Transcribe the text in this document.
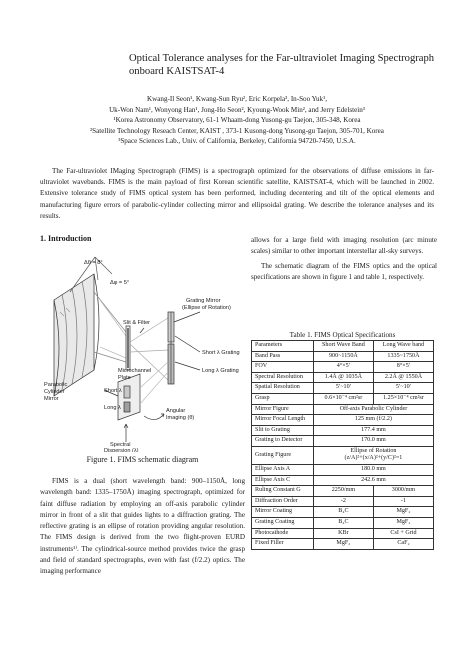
Optical Tolerance analyses for the Far-ultraviolet Imaging Spectrograph onboard KAISTSAT-4
Kwang-Il Seon¹, Kwang-Sun Ryu², Eric Korpela³, In-Soo Yuk¹,
Uk-Won Nam¹, Wonyong Han¹, Jong-Ho Seon², Kyoung-Wook Min², and Jerry Edelstein³
¹Korea Astronomy Observatory, 61-1 Whaam-dong Yusong-gu Taejon, 305-348, Korea
²Satellite Technology Reseach Center, KAIST , 373-1 Kusong-dong Yusong-gu Taejon, 305-701, Korea
³Space Sciences Lab., Univ. of California, Berkeley, California 94720-7450, U.S.A.

The Far-ultraviolet IMaging Spectrograph (FIMS) is a spectrograph optimized for the observations of diffuse emissions in far-ultraviolet wavebands. FIMS is the main payload of first Korean scientific satellite, KAISTSAT-4, which will be launched in 2002. Extensive tolerance study of FIMS optical system has been performed, including decentering and tilt of the optical elements and manufacturing figure errors of parabolic-cylinder collecting mirror and ellipsoidal grating. We describe the tolerance analyses and its results.

1. Introduction
Δθ = 8°
Δφ = 5°
Slit & Filter
Grating Mirror
(Ellipse of Rotation)
Short λ Grating
Long λ Grating
Parabolic
Cylinder
Mirror
Microchannel
Plate
Short λ
Long λ	Angular
Imaging (θ)
Spectral
Dispersion (λ)
Figure 1. FIMS schematic diagram

FIMS is a dual (short wavelength band: 900–1150Å, long wavelength band: 1335–1750Å) imaging spectrograph, optimized for faint diffuse radiation by employing an off-axis parabolic cylinder mirror in front of a slit that guides lights to a diffraction grating. The reflective grating is an ellipse of rotation providing angular resolution. The FIMS design is derived from the two flight-proven EURD instruments¹⁾. The cylindrical-source method provides twice the grasp and field of standard spectrographs, even with fast (f/2.2) optics. The imaging performance

allows for a large field with imaging resolution (arc minute scales) similar to other important interstellar all-sky surveys.

The schematic diagram of the FIMS optics and the optical specifications are shown in figure 1 and table 1, respectively.

Table 1. FIMS Optical Specifications
Parameters	Short Wave Band	Long Wave band
Band Pass	900~1150Å	1335~1750Å
FOV	4°×5′	8°×5′
Spectral Resolution	1.4Å @ 1035Å	2.2Å @ 1550Å
Spatial Resolution	5′~10′	5′~10′
Grasp	0.6×10⁻⁴ cm²sr	1.25×10⁻⁴ cm²sr
Mirror Figure	Off-axis Parabolic Cylinder	
Mirror Focal Length	125 mm (f/2.2)	
Slit to Grating	177.4 mm	
Grating to Detector	170.0 mm	
Grating Figure	Ellipse of Rotation
(z/A)²+(x/A)²+(y/C)²=1	

Ellipse Axis A	180.0 mm	
Ellipse Axis C	242.6 mm	
Ruling Constant G	2250/mm	3000/mm
Diffraction Order	-2	-1
Mirror Coating	B₄C	MgF₂
Grating Coating	B₄C	MgF₂
Photocathode	KBr	CsI + Grid
Fixed Filler	MgF₂	CaF₂
